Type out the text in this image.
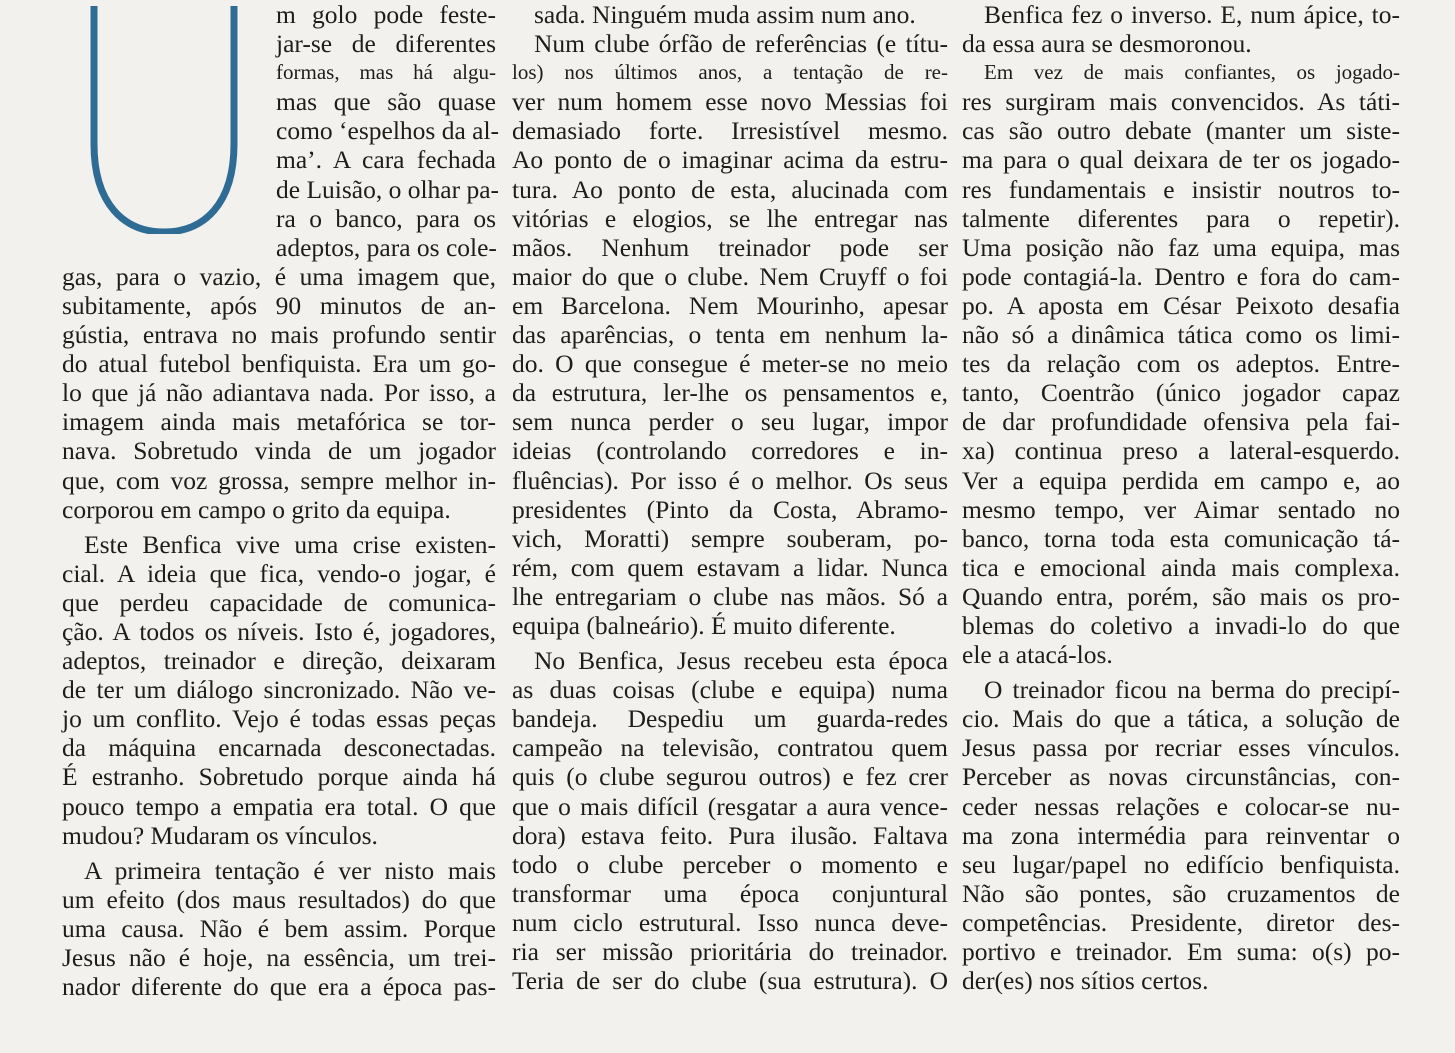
m golo pode feste-
jar-se de diferentes
formas, mas há algu-
mas que são quase
como ‘espelhos da al-
ma’. A cara fechada
de Luisão, o olhar pa-
ra o banco, para os
adeptos, para os cole-
gas, para o vazio, é uma imagem que,
subitamente, após 90 minutos de an-
gústia, entrava no mais profundo sentir
do atual futebol benfiquista. Era um go-
lo que já não adiantava nada. Por isso, a
imagem ainda mais metafórica se tor-
nava. Sobretudo vinda de um jogador
que, com voz grossa, sempre melhor in-
corporou em campo o grito da equipa.
Este Benfica vive uma crise existen-
cial. A ideia que fica, vendo-o jogar, é
que perdeu capacidade de comunica-
ção. A todos os níveis. Isto é, jogadores,
adeptos, treinador e direção, deixaram
de ter um diálogo sincronizado. Não ve-
jo um conflito. Vejo é todas essas peças
da máquina encarnada desconectadas.
É estranho. Sobretudo porque ainda há
pouco tempo a empatia era total. O que
mudou? Mudaram os vínculos.
A primeira tentação é ver nisto mais
um efeito (dos maus resultados) do que
uma causa. Não é bem assim. Porque
Jesus não é hoje, na essência, um trei-
nador diferente do que era a época pas-
sada. Ninguém muda assim num ano.
Num clube órfão de referências (e títu-
los) nos últimos anos, a tentação de re-
ver num homem esse novo Messias foi
demasiado forte. Irresistível mesmo.
Ao ponto de o imaginar acima da estru-
tura. Ao ponto de esta, alucinada com
vitórias e elogios, se lhe entregar nas
mãos. Nenhum treinador pode ser
maior do que o clube. Nem Cruyff o foi
em Barcelona. Nem Mourinho, apesar
das aparências, o tenta em nenhum la-
do. O que consegue é meter-se no meio
da estrutura, ler-lhe os pensamentos e,
sem nunca perder o seu lugar, impor
ideias (controlando corredores e in-
fluências). Por isso é o melhor. Os seus
presidentes (Pinto da Costa, Abramo-
vich, Moratti) sempre souberam, po-
rém, com quem estavam a lidar. Nunca
lhe entregariam o clube nas mãos. Só a
equipa (balneário). É muito diferente.
No Benfica, Jesus recebeu esta época
as duas coisas (clube e equipa) numa
bandeja. Despediu um guarda-redes
campeão na televisão, contratou quem
quis (o clube segurou outros) e fez crer
que o mais difícil (resgatar a aura vence-
dora) estava feito. Pura ilusão. Faltava
todo o clube perceber o momento e
transformar uma época conjuntural
num ciclo estrutural. Isso nunca deve-
ria ser missão prioritária do treinador.
Teria de ser do clube (sua estrutura). O
Benfica fez o inverso. E, num ápice, to-
da essa aura se desmoronou.
Em vez de mais confiantes, os jogado-
res surgiram mais convencidos. As táti-
cas são outro debate (manter um siste-
ma para o qual deixara de ter os jogado-
res fundamentais e insistir noutros to-
talmente diferentes para o repetir).
Uma posição não faz uma equipa, mas
pode contagiá-la. Dentro e fora do cam-
po. A aposta em César Peixoto desafia
não só a dinâmica tática como os limi-
tes da relação com os adeptos. Entre-
tanto, Coentrão (único jogador capaz
de dar profundidade ofensiva pela fai-
xa) continua preso a lateral-esquerdo.
Ver a equipa perdida em campo e, ao
mesmo tempo, ver Aimar sentado no
banco, torna toda esta comunicação tá-
tica e emocional ainda mais complexa.
Quando entra, porém, são mais os pro-
blemas do coletivo a invadi-lo do que
ele a atacá-los.
O treinador ficou na berma do precipí-
cio. Mais do que a tática, a solução de
Jesus passa por recriar esses vínculos.
Perceber as novas circunstâncias, con-
ceder nessas relações e colocar-se nu-
ma zona intermédia para reinventar o
seu lugar/papel no edifício benfiquista.
Não são pontes, são cruzamentos de
competências. Presidente, diretor des-
portivo e treinador. Em suma: o(s) po-
der(es) nos sítios certos.
